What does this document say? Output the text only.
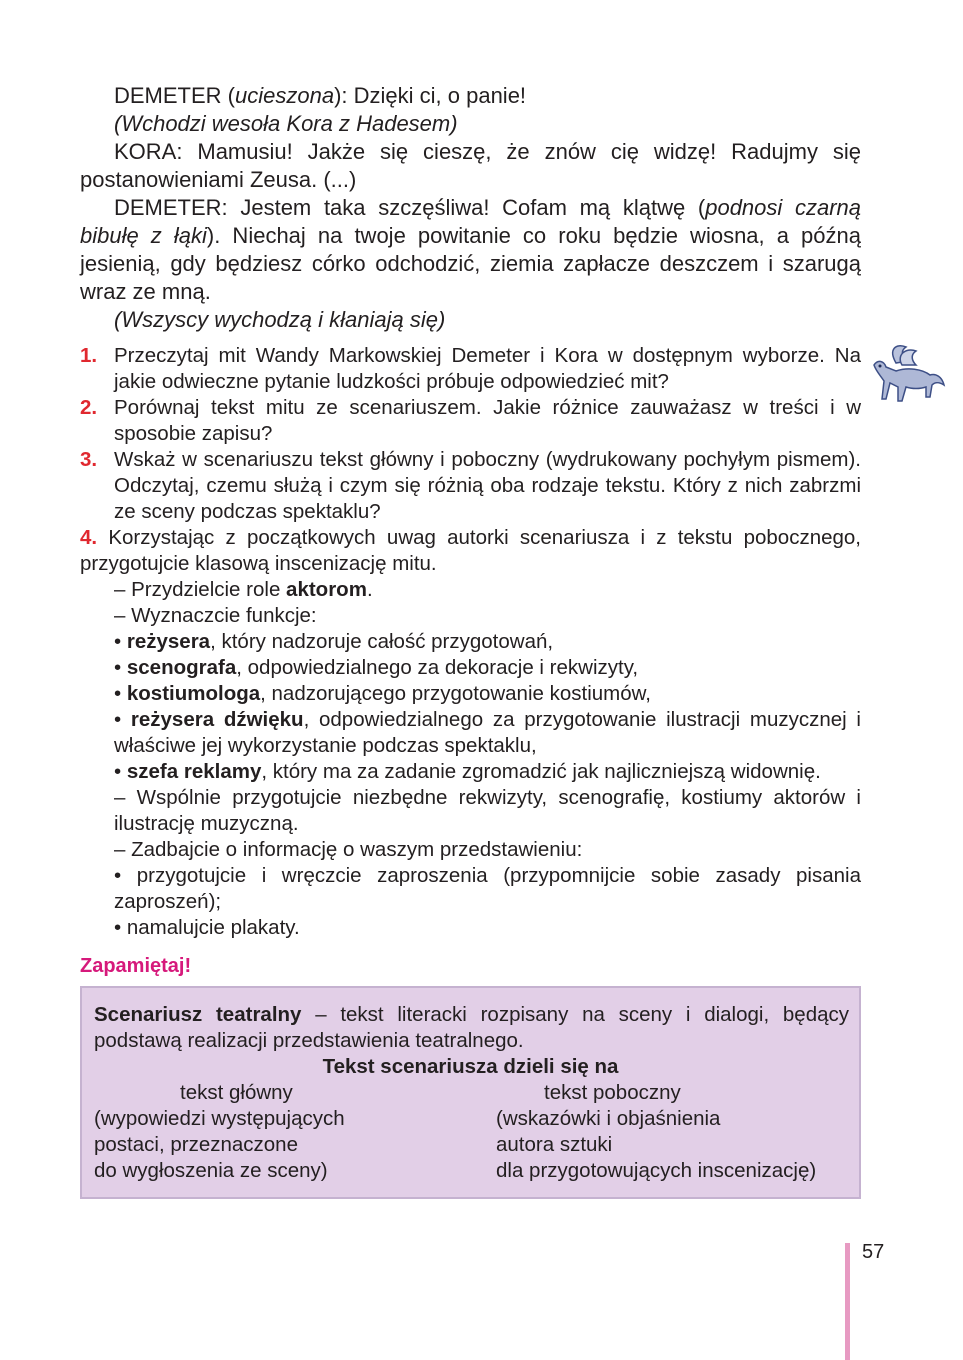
DEMETER (ucieszona): Dzięki ci, o panie!

(Wchodzi wesoła Kora z Hadesem)

KORA: Mamusiu! Jakże się cieszę, że znów cię widzę! Radujmy się postanowieniami Zeusa. (...)

DEMETER: Jestem taka szczęśliwa! Cofam mą klątwę (podnosi czarną bibułę z łąki). Niechaj na twoje powitanie co roku będzie wiosna, a późną jesienią, gdy będziesz córko odchodzić, ziemia zapłacze deszczem i szarugą wraz ze mną.

(Wszyscy wychodzą i kłaniają się)

1. Przeczytaj mit Wandy Markowskiej Demeter i Kora w dostępnym wyborze. Na jakie odwieczne pytanie ludzkości próbuje odpowiedzieć mit?

2. Porównaj tekst mitu ze scenariuszem. Jakie różnice zauważasz w treści i w sposobie zapisu?

3. Wskaż w scenariuszu tekst główny i poboczny (wydrukowany pochyłym pismem). Odczytaj, czemu służą i czym się różnią oba rodzaje tekstu. Który z nich zabrzmi ze sceny podczas spektaklu?

4. Korzystając z początkowych uwag autorki scenariusza i z tekstu pobocznego, przygotujcie klasową inscenizację mitu.

– Przydzielcie role aktorom.

– Wyznaczcie funkcje:

• reżysera, który nadzoruje całość przygotowań,

• scenografa, odpowiedzialnego za dekoracje i rekwizyty,

• kostiumologa, nadzorującego przygotowanie kostiumów,

• reżysera dźwięku, odpowiedzialnego za przygotowanie ilustracji muzycznej i właściwe jej wykorzystanie podczas spektaklu,

• szefa reklamy, który ma za zadanie zgromadzić jak najliczniejszą widownię.

– Wspólnie przygotujcie niezbędne rekwizyty, scenografię, kostiumy aktorów i ilustrację muzyczną.

– Zadbajcie o informację o waszym przedstawieniu:

• przygotujcie i wręczcie zaproszenia (przypomnijcie sobie zasady pisania zaproszeń);

• namalujcie plakaty.

Zapamiętaj!

Scenariusz teatralny – tekst literacki rozpisany na sceny i dialogi, będący podstawą realizacji przedstawienia teatralnego.

Tekst scenariusza dzieli się na

tekst główny
(wypowiedzi występujących
postaci, przeznaczone
do wygłoszenia ze sceny)
tekst poboczny
(wskazówki i objaśnienia
autora sztuki
dla przygotowujących inscenizację)

57
